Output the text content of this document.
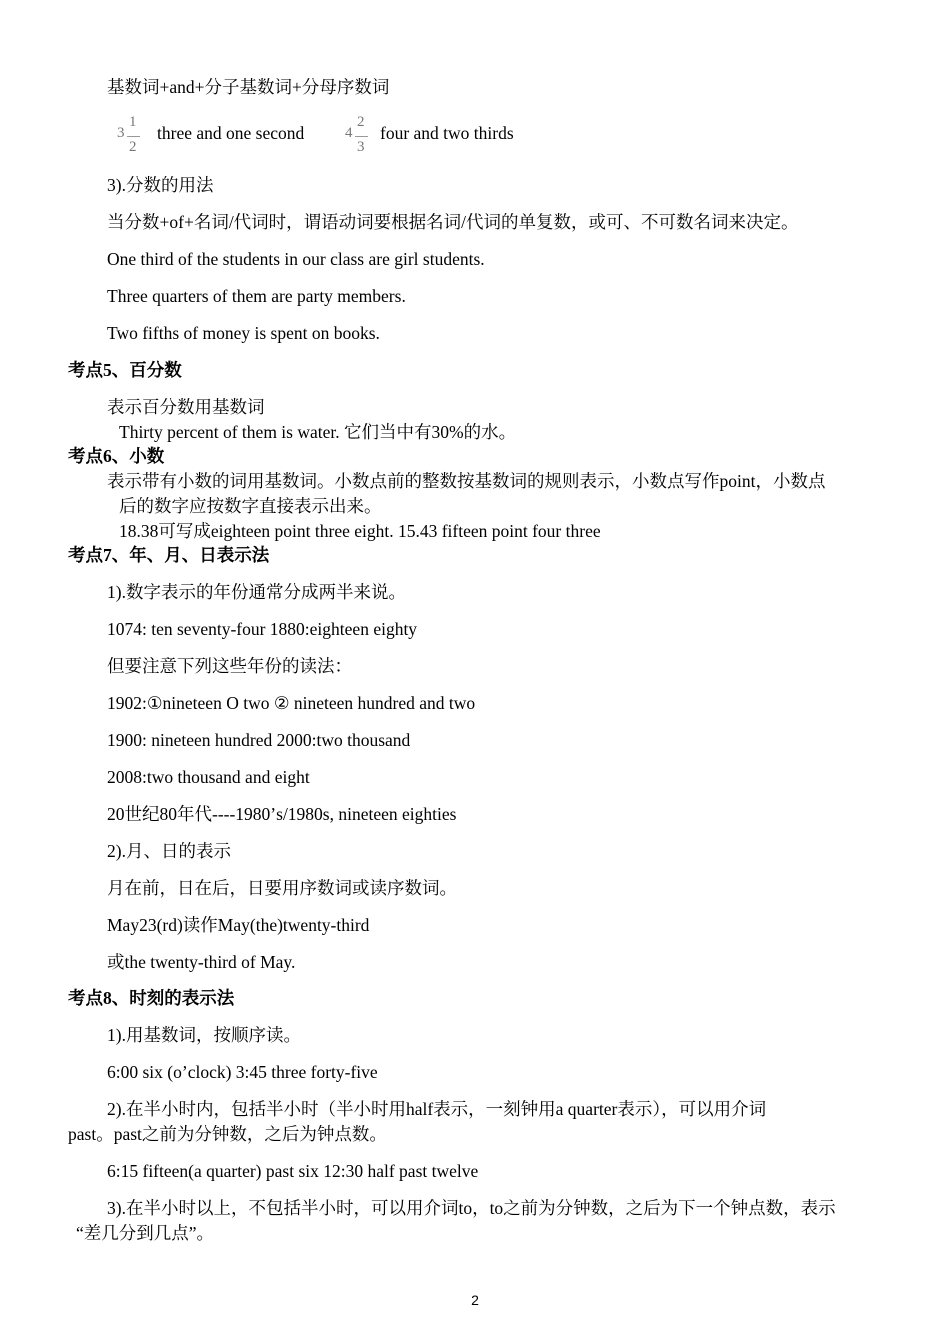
基数词+and+分子基数词+分母序数词
3
1
2
three and one second	4
2
3
four and two thirds
3).分数的用法
当分数+of+名词/代词时，谓语动词要根据名词/代词的单复数，或可、不可数名词来决定。
One third of the students in our class are girl students.
Three quarters of them are party members.
Two fifths of money is spent on books.
考点5、百分数
表示百分数用基数词
Thirty percent of them is water. 它们当中有30%的水。
考点6、小数
表示带有小数的词用基数词。小数点前的整数按基数词的规则表示，小数点写作point，小数点
后的数字应按数字直接表示出来。
18.38可写成eighteen point three eight. 15.43 fifteen point four three
考点7、年、月、日表示法
1).数字表示的年份通常分成两半来说。
1074: ten seventy-four 1880:eighteen eighty
但要注意下列这些年份的读法：
1902:①nineteen O two ② nineteen hundred and two
1900: nineteen hundred 2000:two thousand
2008:two thousand and eight
20世纪80年代----1980’s/1980s, nineteen eighties
2).月、日的表示
月在前，日在后，日要用序数词或读序数词。
May23(rd)读作May(the)twenty-third
或the twenty-third of May.
考点8、时刻的表示法
1).用基数词，按顺序读。
6:00 six (o’clock) 3:45 three forty-five
2).在半小时内，包括半小时（半小时用half表示，一刻钟用a quarter表示），可以用介词
past。past之前为分钟数，之后为钟点数。
6:15 fifteen(a quarter) past six 12:30 half past twelve
3).在半小时以上，不包括半小时，可以用介词to，to之前为分钟数，之后为下一个钟点数，表示
“差几分到几点”。
2
